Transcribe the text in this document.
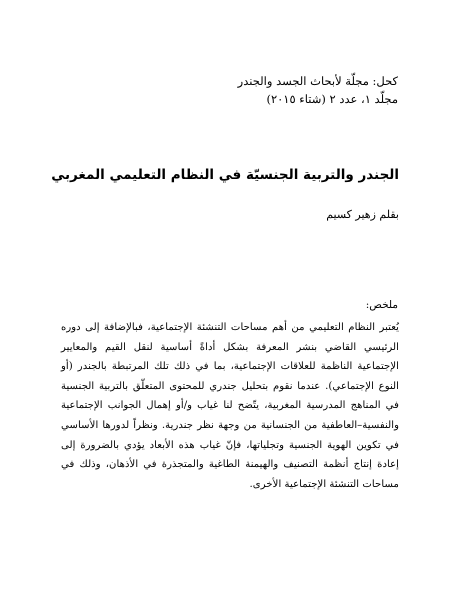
كحل: مجلّة لأبحاث الجسد والجندر
مجلّد ١، عدد ٢ (شتاء ٢٠١٥)
الجندر والتربية الجنسيّة في النظام التعليمي المغربي
بقلم زهير كسيم
ملخص:
يُعتبر النظام التعليمي من أهم مساحات التنشئة الإجتماعية، فبالإضافة إلى دوره الرئيسي القاضي بنشر المعرفة بشكل أداةً أساسية لنقل القيم والمعايير الإجتماعية الناظمة للعلاقات الإجتماعية، بما في ذلك تلك المرتبطة بالجندر (أو النوع الإجتماعي). عندما نقوم بتحليل جندري للمحتوى المتعلّق بالتربية الجنسية في المناهج المدرسية المغربية، يتّضح لنا غياب و/أو إهمال الجوانب الإجتماعية والنفسية–العاطفية من الجنسانية من وجهة نظر جندرية. ونظراً لدورها الأساسي في تكوين الهوية الجنسية وتجلياتها، فإنّ غياب هذه الأبعاد يؤدي بالضرورة إلى إعادة إنتاج أنظمة التصنيف والهيمنة الطاغية والمتجذرة في الأذهان، وذلك في مساحات التنشئة الإجتماعية الأخرى.
